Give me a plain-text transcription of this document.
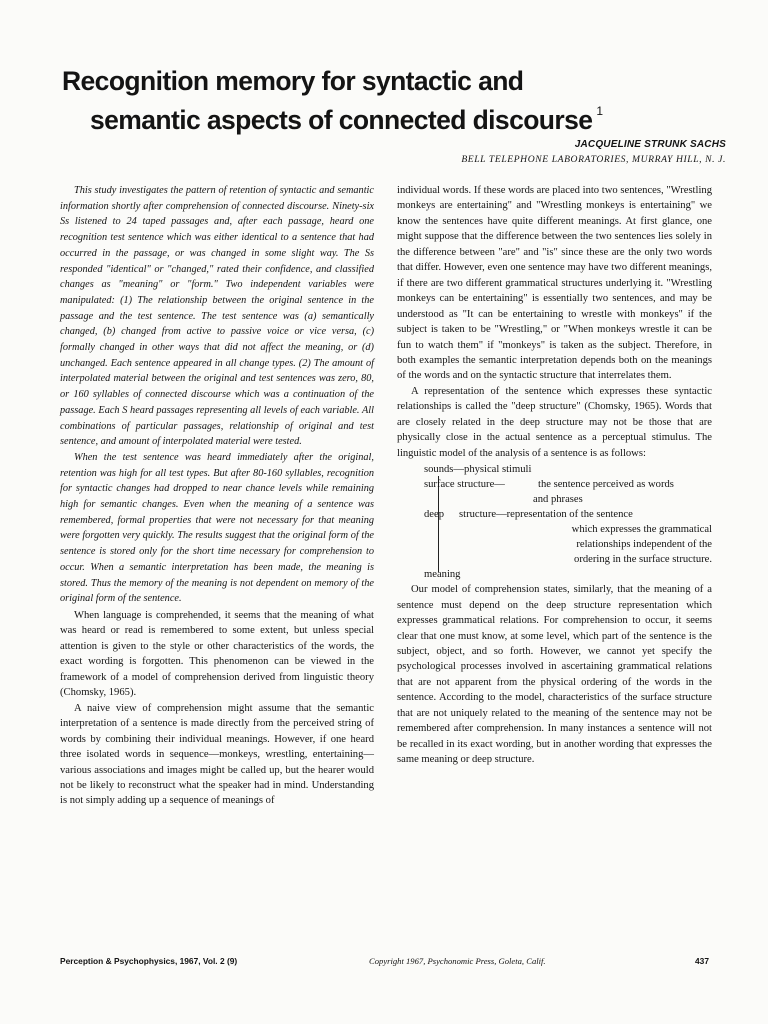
Recognition memory for syntactic and
semantic aspects of connected discourse $^1$
JACQUELINE STRUNK SACHS
BELL TELEPHONE LABORATORIES, MURRAY HILL, N. J.

This study investigates the pattern of retention of syntactic and semantic information shortly after comprehension of connected discourse. Ninety-six Ss listened to 24 taped passages and, after each passage, heard one recognition test sentence which was either identical to a sentence that had occurred in the passage, or was changed in some slight way. The Ss responded "identical" or "changed," rated their confidence, and classified changes as "meaning" or "form." Two independent variables were manipulated: (1) The relationship between the original sentence in the passage and the test sentence. The test sentence was (a) semantically changed, (b) changed from active to passive voice or vice versa, (c) formally changed in other ways that did not affect the meaning, or (d) unchanged. Each sentence appeared in all change types. (2) The amount of interpolated material between the original and test sentences was zero, 80, or 160 syllables of connected discourse which was a continuation of the passage. Each S heard passages representing all levels of each variable. All combinations of particular passages, relationship of original and test sentence, and amount of interpolated material were tested.

When the test sentence was heard immediately after the original, retention was high for all test types. But after 80-160 syllables, recognition for syntactic changes had dropped to near chance levels while remaining high for semantic changes. Even when the meaning of a sentence was remembered, formal properties that were not necessary for that meaning were forgotten very quickly. The results suggest that the original form of the sentence is stored only for the short time necessary for comprehension to occur. When a semantic interpretation has been made, the meaning is stored. Thus the memory of the meaning is not dependent on memory of the original form of the sentence.

When language is comprehended, it seems that the meaning of what was heard or read is remembered to some extent, but unless special attention is given to the style or other characteristics of the words, the exact wording is forgotten. This phenomenon can be viewed in the framework of a model of comprehension derived from linguistic theory (Chomsky, 1965).

A naive view of comprehension might assume that the semantic interpretation of a sentence is made directly from the perceived string of words by combining their individual meanings. However, if one heard three isolated words in sequence—monkeys, wrestling, entertaining—various associations and images might be called up, but the hearer would not be likely to reconstruct what the speaker had in mind. Understanding is not simply adding up a sequence of meanings of

individual words. If these words are placed into two sentences, "Wrestling monkeys are entertaining" and "Wrestling monkeys is entertaining" we know the sentences have quite different meanings. At first glance, one might suppose that the difference between the two sentences lies solely in the difference between "are" and "is" since these are the only two words that differ. However, even one sentence may have two different meanings, if there are two different grammatical structures underlying it. "Wrestling monkeys can be entertaining" is essentially two sentences, and may be understood as "It can be entertaining to wrestle with monkeys" if the subject is taken to be "Wrestling," or "When monkeys wrestle it can be fun to watch them" if "monkeys" is taken as the subject. Therefore, in both examples the semantic interpretation depends both on the meanings of the words and on the syntactic structure that interrelates them.

A representation of the sentence which expresses these syntactic relationships is called the "deep structure" (Chomsky, 1965). Words that are closely related in the deep structure may not be those that are physically close in the actual sentence as a perceptual stimulus. The linguistic model of the analysis of a sentence is as follows:

sounds—physical stimuli
surface structure—	the sentence perceived as words
and phrases
deep structure—representation of the sentence
which expresses the grammatical
relationships independent of the
ordering in the surface structure.
meaning

Our model of comprehension states, similarly, that the meaning of a sentence must depend on the deep structure representation which expresses grammatical relations. For comprehension to occur, it seems clear that one must know, at some level, which part of the sentence is the subject, object, and so forth. However, we cannot yet specify the psychological processes involved in ascertaining grammatical relations that are not apparent from the physical ordering of the words in the sentence. According to the model, characteristics of the surface structure that are not uniquely related to the meaning of the sentence may not be remembered after comprehension. In many instances a sentence will not be recalled in its exact wording, but in another wording that expresses the same meaning or deep structure.

Perception & Psychophysics, 1967, Vol. 2 (9)	Copyright 1967, Psychonomic Press, Goleta, Calif.	437
